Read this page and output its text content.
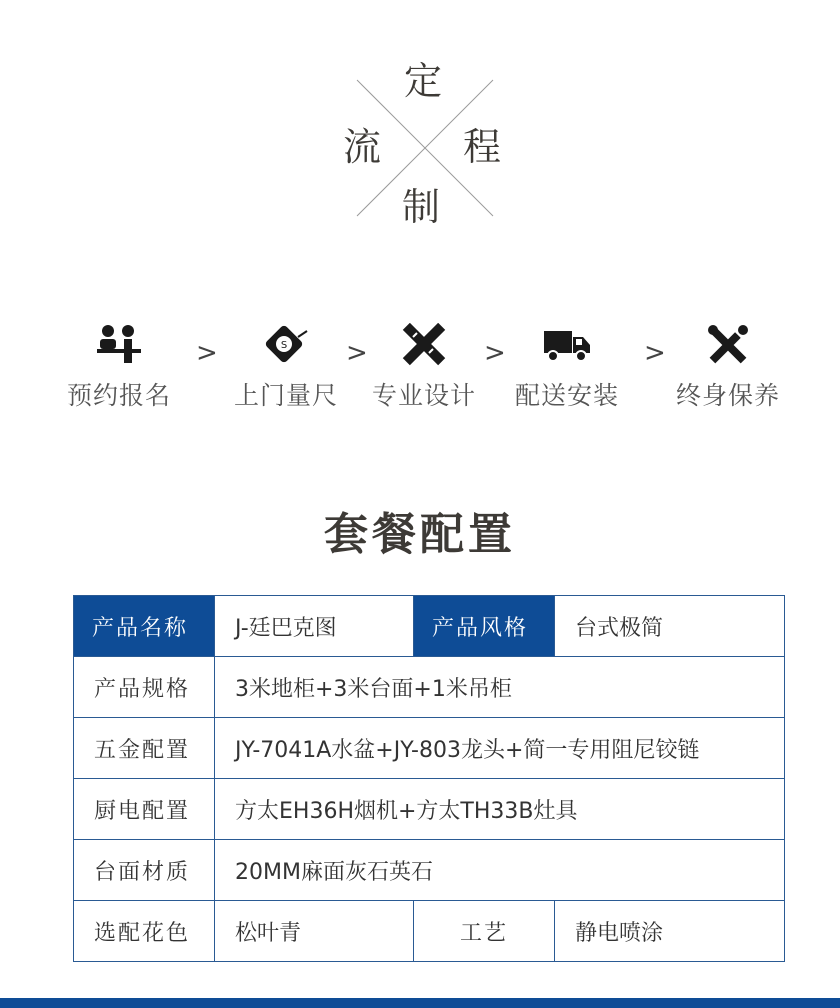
定
流 程
制
预约报名
>	S
上门量尺
>
专业设计
>
配送安装
>
终身保养
套餐配置
产品名称	J-廷巴克图	产品风格	台式极简
产品规格	3米地柜+3米台面+1米吊柜		
五金配置	JY-7041A水盆+JY-803龙头+简一专用阻尼铰链		
厨电配置	方太EH36H烟机+方太TH33B灶具		
台面材质	20MM麻面灰石英石		
选配花色	松叶青	工艺	静电喷涂
